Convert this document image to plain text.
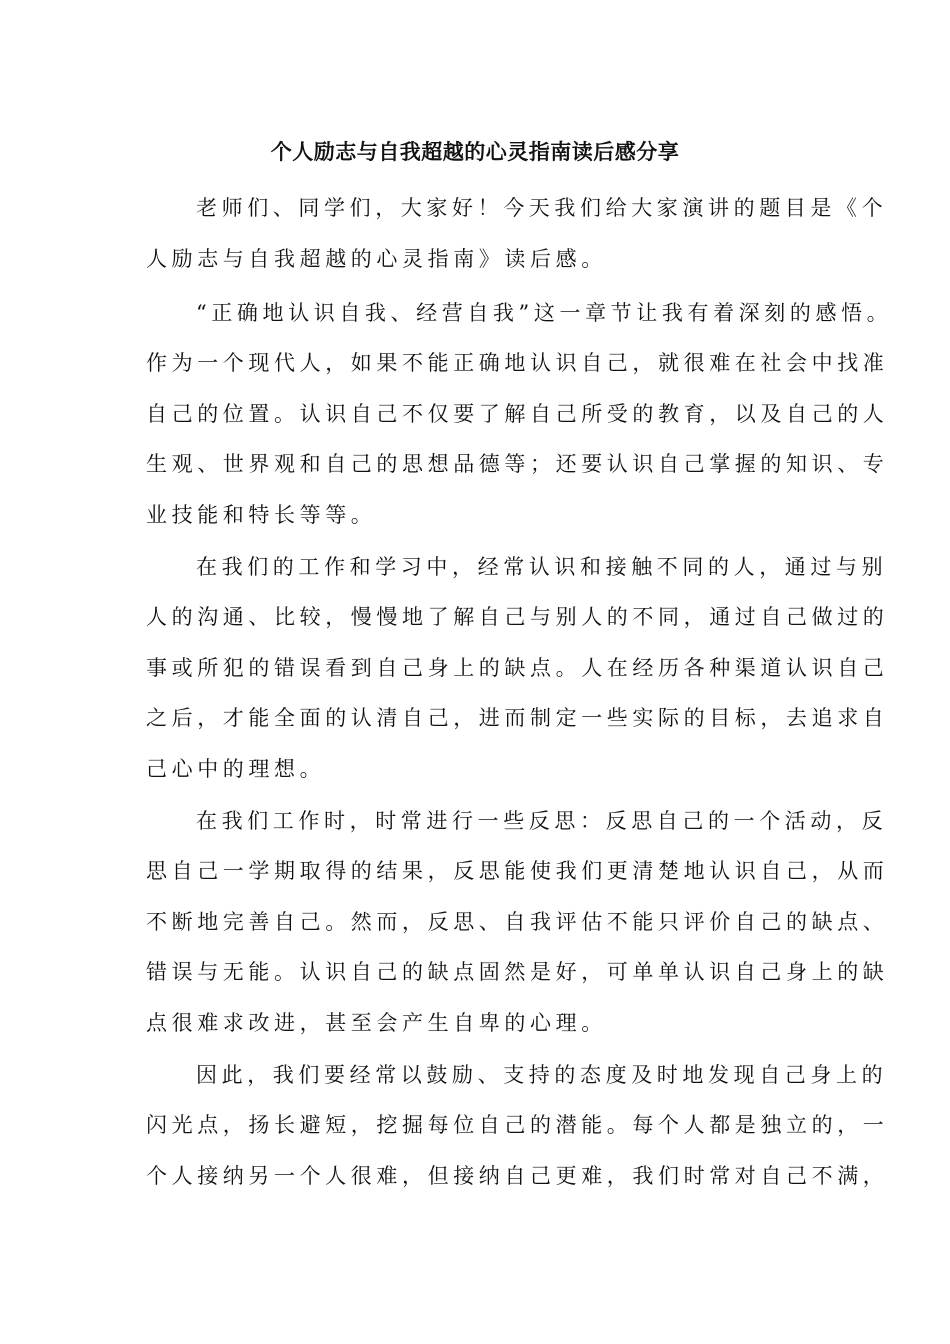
个人励志与自我超越的心灵指南读后感分享
老师们、同学们，大家好！今天我们给大家演讲的题目是《个
人励志与自我超越的心灵指南》读后感。
“正确地认识自我、经营自我”这一章节让我有着深刻的感悟。
作为一个现代人，如果不能正确地认识自己，就很难在社会中找准
自己的位置。认识自己不仅要了解自己所受的教育，以及自己的人
生观、世界观和自己的思想品德等；还要认识自己掌握的知识、专
业技能和特长等等。
在我们的工作和学习中，经常认识和接触不同的人，通过与别
人的沟通、比较，慢慢地了解自己与别人的不同，通过自己做过的
事或所犯的错误看到自己身上的缺点。人在经历各种渠道认识自己
之后，才能全面的认清自己，进而制定一些实际的目标，去追求自
己心中的理想。
在我们工作时，时常进行一些反思：反思自己的一个活动，反
思自己一学期取得的结果，反思能使我们更清楚地认识自己，从而
不断地完善自己。然而，反思、自我评估不能只评价自己的缺点、
错误与无能。认识自己的缺点固然是好，可单单认识自己身上的缺
点很难求改进，甚至会产生自卑的心理。
因此，我们要经常以鼓励、支持的态度及时地发现自己身上的
闪光点，扬长避短，挖掘每位自己的潜能。每个人都是独立的，一
个人接纳另一个人很难，但接纳自己更难，我们时常对自己不满，
